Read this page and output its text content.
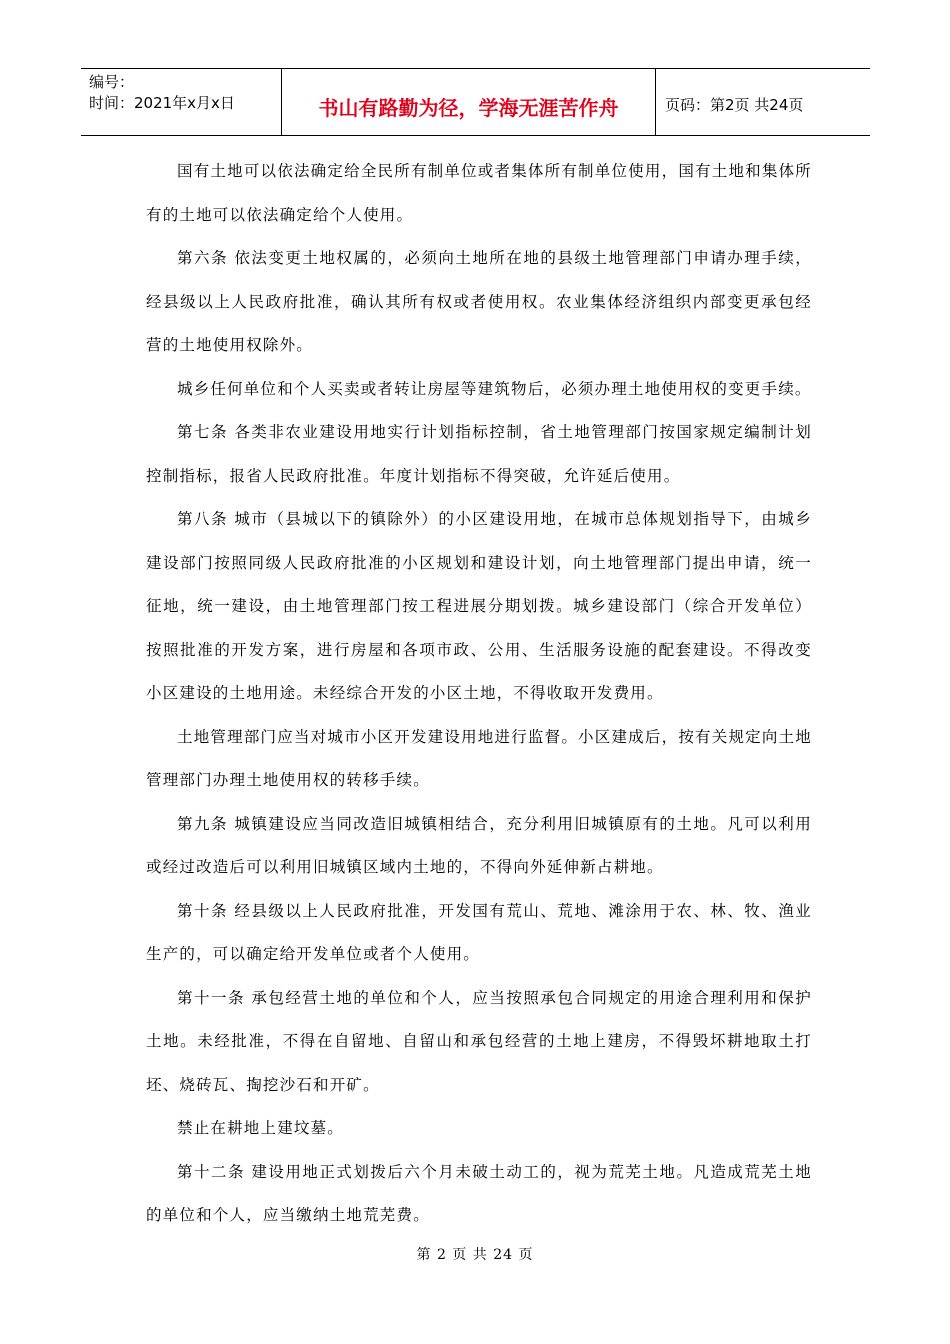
编号：
时间：2021年x月x日	书山有路勤为径，学海无涯苦作舟	页码：第2页 共24页

国有土地可以依法确定给全民所有制单位或者集体所有制单位使用，国有土地和集体所有的土地可以依法确定给个人使用。

第六条 依法变更土地权属的，必须向土地所在地的县级土地管理部门申请办理手续，经县级以上人民政府批准，确认其所有权或者使用权。农业集体经济组织内部变更承包经营的土地使用权除外。

城乡任何单位和个人买卖或者转让房屋等建筑物后，必须办理土地使用权的变更手续。

第七条 各类非农业建设用地实行计划指标控制，省土地管理部门按国家规定编制计划控制指标，报省人民政府批准。年度计划指标不得突破，允许延后使用。

第八条 城市（县城以下的镇除外）的小区建设用地，在城市总体规划指导下，由城乡建设部门按照同级人民政府批准的小区规划和建设计划，向土地管理部门提出申请，统一征地，统一建设，由土地管理部门按工程进展分期划拨。城乡建设部门（综合开发单位）按照批准的开发方案，进行房屋和各项市政、公用、生活服务设施的配套建设。不得改变小区建设的土地用途。未经综合开发的小区土地，不得收取开发费用。

土地管理部门应当对城市小区开发建设用地进行监督。小区建成后，按有关规定向土地管理部门办理土地使用权的转移手续。

第九条 城镇建设应当同改造旧城镇相结合，充分利用旧城镇原有的土地。凡可以利用或经过改造后可以利用旧城镇区域内土地的，不得向外延伸新占耕地。

第十条 经县级以上人民政府批准，开发国有荒山、荒地、滩涂用于农、林、牧、渔业生产的，可以确定给开发单位或者个人使用。

第十一条 承包经营土地的单位和个人，应当按照承包合同规定的用途合理利用和保护土地。未经批准，不得在自留地、自留山和承包经营的土地上建房，不得毁坏耕地取土打坯、烧砖瓦、掏挖沙石和开矿。

禁止在耕地上建坟墓。

第十二条 建设用地正式划拨后六个月未破土动工的，视为荒芜土地。凡造成荒芜土地的单位和个人，应当缴纳土地荒芜费。

第 2 页 共 24 页
